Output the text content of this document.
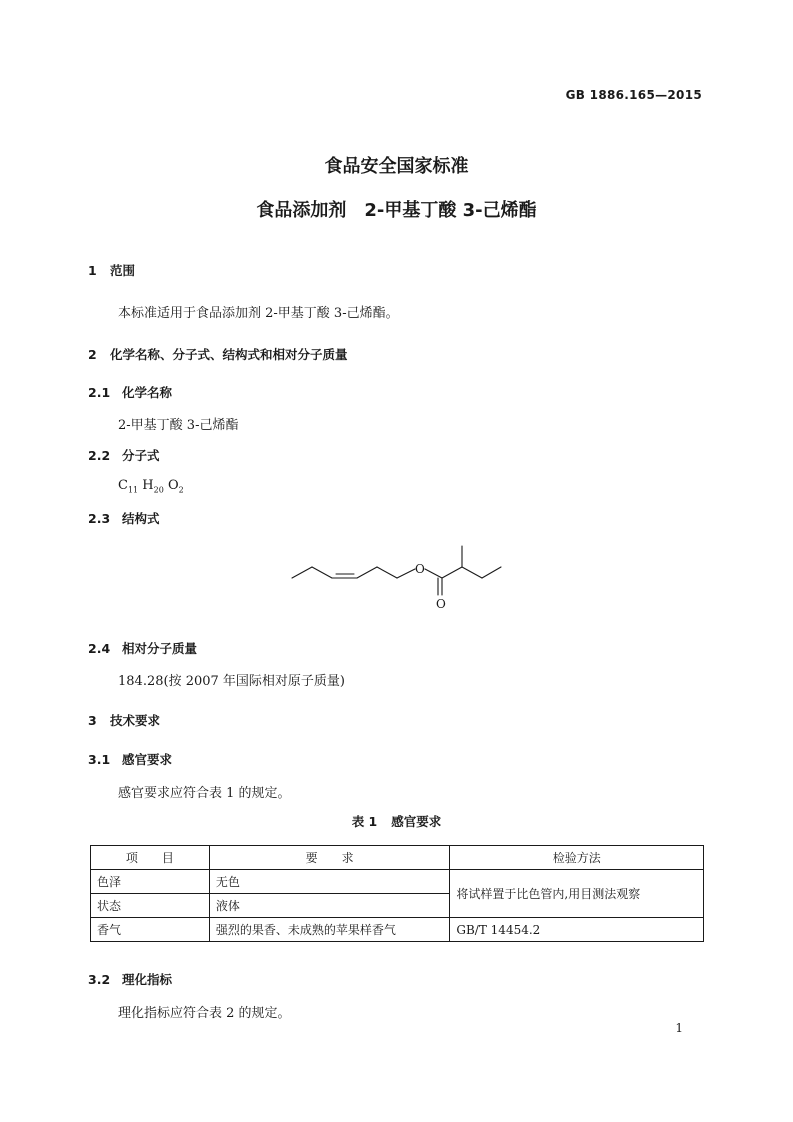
GB 1886.165—2015
食品安全国家标准
食品添加剂　2-甲基丁酸 3-己烯酯
1 范围
本标准适用于食品添加剂 2-甲基丁酸 3-己烯酯。
2 化学名称、分子式、结构式和相对分子质量
2.1 化学名称
2-甲基丁酸 3-己烯酯
2.2 分子式
$C_{11}$ $H_{20}$ $O_2$
2.3 结构式
O
O
2.4 相对分子质量
184.28(按 2007 年国际相对原子质量)
3 技术要求
3.1 感官要求
感官要求应符合表 1 的规定。
表 1 感官要求
项　　目	要　　求	检验方法
色泽	无色	将试样置于比色管内,用目测法观察
状态	液体	
香气	强烈的果香、未成熟的苹果样香气	GB/T 14454.2
3.2 理化指标
理化指标应符合表 2 的规定。
1
